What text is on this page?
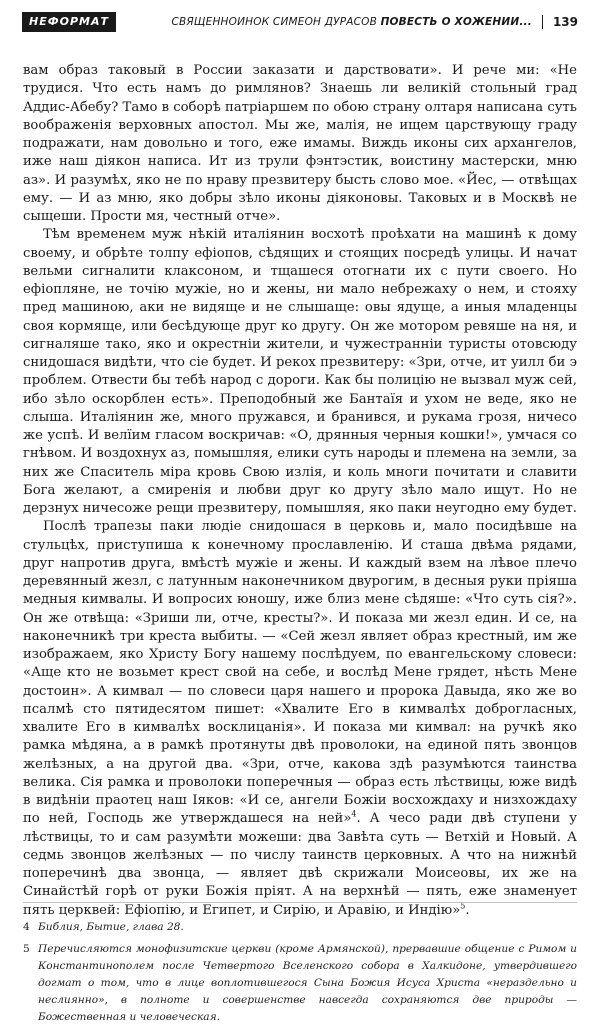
НЕФОРМАТ	СВЯЩЕННОИНОК СИМЕОН ДУРАСОВ ПОВЕСТЬ О ХОЖЕНИИ... 139

вам образ таковый в России заказати и дарствовати». И рече ми: «Не трудися. Что есть намъ до римлянов? Знаешь ли великій стольный град Аддис-Абебу? Тамо в соборѣ патріаршем по обою страну олтаря написана суть воображенія верховных апостол. Мы же, малія, не ищем царствующу граду подражати, нам довольно и того, еже имамы. Виждь иконы сих архангелов, иже наш діякон написа. Ит из трули фэнтэстик, воистину мастерски, мню аз». И разумѣх, яко не по нраву презвитеру бысть слово мое. «Йес, — отвѣщах ему. — И аз мню, яко добры зѣло иконы діяконовы. Таковых и в Москвѣ не сыщеши. Прости мя, честный отче».

Тѣм временем муж нѣкій италіянин восхотѣ проѣхати на машинѣ к дому своему, и обрѣте толпу ефіопов, сѣдящих и стоящих посредѣ улицы. И начат вельми сигналити клаксоном, и тщашеся отогнати их с пути своего. Но ефіопляне, не точію мужіе, но и жены, ни мало небрежаху о нем, и стояху пред машиною, аки не видяще и не слышаще: овы ядуще, а иныя младенцы своя кормяще, или бесѣдующе друг ко другу. Он же мотором ревяше на ня, и сигналяше тако, яко и окрестніи жители, и чужестранніи туристы отовсюду снидошася видѣти, что сіе будет. И рекох презвитеру: «Зри, отче, ит уилл би э проблем. Отвести бы тебѣ народ с дороги. Как бы полицію не вызвал муж сей, ибо зѣло оскорблен есть». Преподобный же Бантаїя и ухом не веде, яко не слыша. Италіянин же, много пружався, и бранився, и рукама грозя, ничесо же успѣ. И велїим гласом воскричав: «О, дрянныя черныя кошки!», умчася со гнѣвом. И воздохнух аз, помышляя, елики суть народы и племена на земли, за них же Спаситель міра кровь Свою излія, и коль многи почитати и славити Бога желают, а смиренія и любви друг ко другу зѣло мало ищут. Но не дерзнух ничесоже рещи презвитеру, помышляя, яко паки неугодно ему будет.

Послѣ трапезы паки людіе снидошася в церковь и, мало посидѣвше на стульцѣх, приступиша к конечному прославленію. И сташа двѣма рядами, друг напротив друга, вмѣстѣ мужіе и жены. И каждый взем на лѣвое плечо деревянный жезл, с латунным наконечником двурогим, в десныя руки пріяша медныя кимвалы. И вопросих юношу, иже близ мене сѣдяше: «Что суть сія?». Он же отвѣща: «Зриши ли, отче, кресты?». И показа ми жезл един. И се, на наконечникѣ три креста выбиты. — «Сей жезл являет образ крестный, им же изображаем, яко Христу Богу нашему послѣдуем, по евангельскому словеси: «Аще кто не возьмет крест свой на себе, и вослѣд Мене грядет, нѣсть Мене достоин». А кимвал — по словеси царя нашего и пророка Давыда, яко же во псалмѣ сто пятидесятом пишет: «Хвалите Его в кимвалѣх доброгласных, хвалите Его в кимвалѣх восклицанія». И показа ми кимвал: на ручкѣ яко рамка мѣдяна, а в рамкѣ протянуты двѣ проволоки, на единой пять звонцов желѣзных, а на другой два. «Зри, отче, какова здѣ разумѣются таинства велика. Сія рамка и проволоки поперечныя — образ есть лѣствицы, юже видѣ в видѣніи праотец наш Іяков: «И се, ангели Божіи восхождаху и низхождаху по ней, Господь же утверждашеся на ней»$^4$. А чесо ради двѣ ступени у лѣствицы, то и сам разумѣти можеши: два Завѣта суть — Ветхій и Новый. А седмь звонцов желѣзных — по числу таинств церковных. А что на нижнѣй поперечинѣ два звонца, — являет двѣ скрижали Моисеовы, их же на Синайстѣй горѣ от руки Божія пріят. А на верхнѣй — пять, еже знаменует пять церквей: Ефіопію, и Египет, и Сирію, и Аравію, и Индію»$^5$.

4 Библия, Бытие, глава 28.
5 Перечисляются монофизитские церкви (кроме Армянской), прервавшие общение с Римом и Константинополем после Четвертого Вселенского собора в Халкидоне, утвердившего догмат о том, что в лице воплотившегося Сына Божия Исуса Христа «нераздельно и неслиянно», в полноте и совершенстве навсегда сохраняются две природы — Божественная и человеческая.
